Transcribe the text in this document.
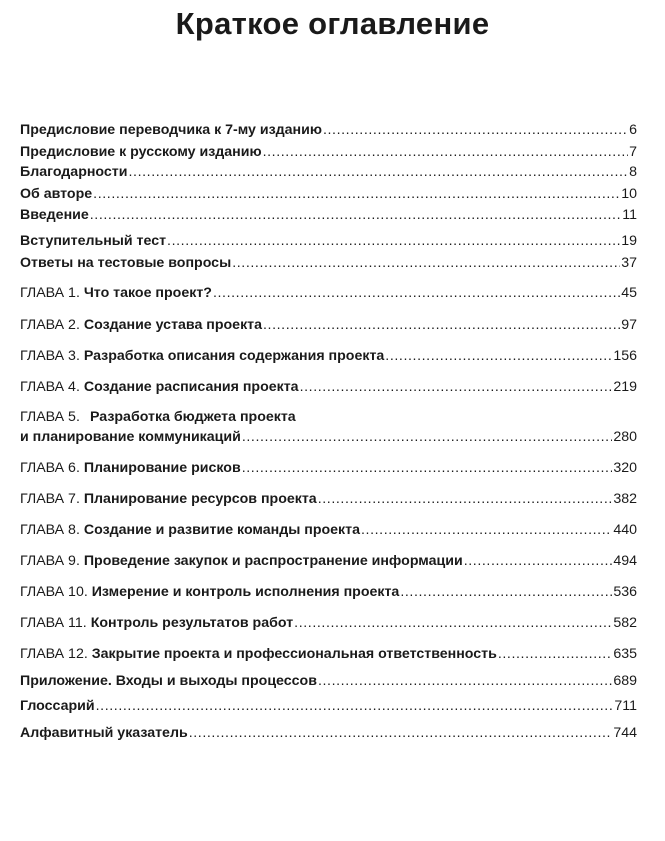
Краткое оглавление
Предисловие переводчика к 7-му изданию .....	6
Предисловие к русскому изданию .....	7
Благодарности .....	8
Об авторе .....	10
Введение .....	11
Вступительный тест .....	19
Ответы на тестовые вопросы .....	37
ГЛАВА 1. Что такое проект? .....	45
ГЛАВА 2. Создание устава проекта .....	97
ГЛАВА 3. Разработка описания содержания проекта .....	156
ГЛАВА 4. Создание расписания проекта .....	219
Разработка бюджета проекта
ГЛАВА 5.
и планирование коммуникаций .....	280
ГЛАВА 6. Планирование рисков .....	320
ГЛАВА 7. Планирование ресурсов проекта .....	382
ГЛАВА 8. Создание и развитие команды проекта .....	440
ГЛАВА 9. Проведение закупок и распространение информации .....	494
ГЛАВА 10. Измерение и контроль исполнения проекта .....	536
ГЛАВА 11. Контроль результатов работ .....	582
ГЛАВА 12. Закрытие проекта и профессиональная ответственность .....	635
Приложение. Входы и выходы процессов .....	689
Глоссарий .....	711
Алфавитный указатель .....	744
